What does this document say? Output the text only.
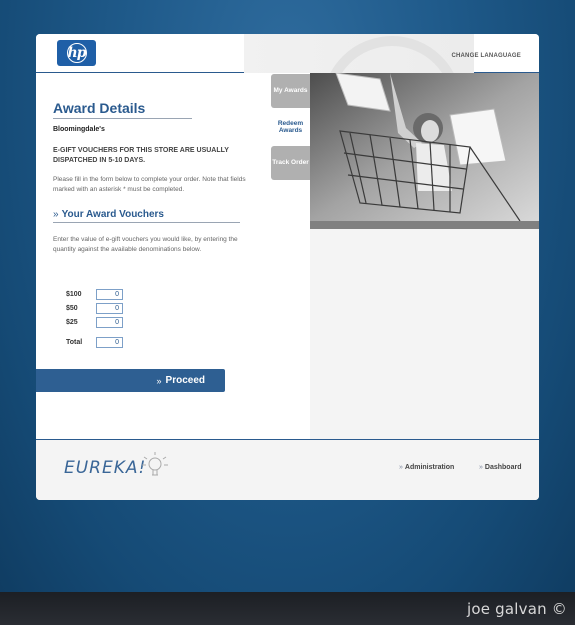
joe galvan ©
hp	CHANGE LANAGUAGE
My Awards
Redeem Awards
Track Order
Award Details
Bloomingdale's
E-GIFT VOUCHERS FOR THIS STORE ARE USUALLY DISPATCHED IN 5-10 DAYS.
Please fill in the form below to complete your order. Note that fields marked with an asterisk * must be completed.
» Your Award Vouchers
Enter the value of e-gift vouchers you would like, by entering the quantity against the available denominations below.
$100	0
$50	0
$25	0
Total	0
» Proceed
EUREKA!	» Administration	» Dashboard
